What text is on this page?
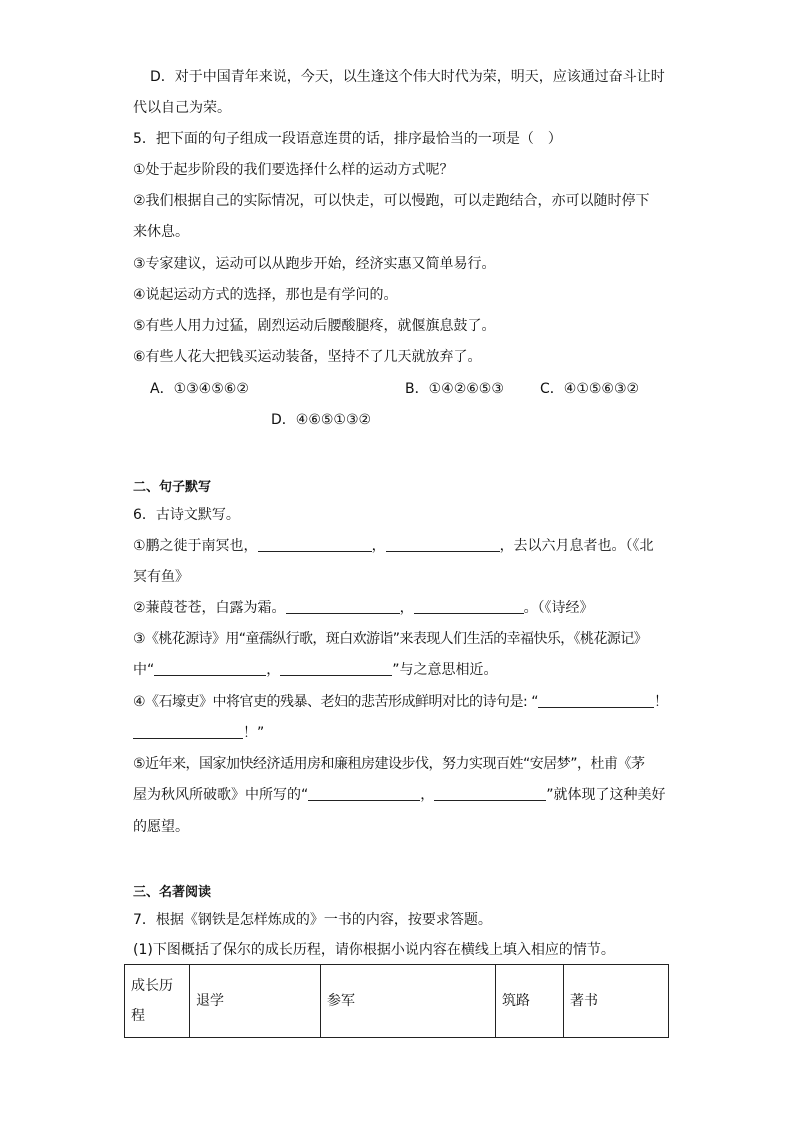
D．对于中国青年来说，今天，以生逢这个伟大时代为荣，明天，应该通过奋斗让时
代以自己为荣。
5．把下面的句子组成一段语意连贯的话，排序最恰当的一项是（　）
①处于起步阶段的我们要选择什么样的运动方式呢？
②我们根据自己的实际情况，可以快走，可以慢跑，可以走跑结合，亦可以随时停下
来休息。
③专家建议，运动可以从跑步开始，经济实惠又简单易行。
④说起运动方式的选择，那也是有学问的。
⑤有些人用力过猛，剧烈运动后腰酸腿疼，就偃旗息鼓了。
⑥有些人花大把钱买运动装备，坚持不了几天就放弃了。
A．①③④⑤⑥②	B．①④②⑥⑤③	C．④①⑤⑥③②
D．④⑥⑤①③②
二、句子默写
6．古诗文默写。
①鹏之徙于南冥也，	，	，去以六月息者也。（《北
冥有鱼》
②蒹葭苍苍，白露为霜。	，	。（《诗经》
③《桃花源诗》用“童孺纵行歌，斑白欢游诣”来表现人们生活的幸福快乐，《桃花源记》
中“	，	”与之意思相近。
④《石壕吏》中将官吏的残暴、老妇的悲苦形成鲜明对比的诗句是: “	！
！”
⑤近年来，国家加快经济适用房和廉租房建设步伐，努力实现百姓“安居梦”，杜甫《茅
屋为秋风所破歌》中所写的“	，	”就体现了这种美好
的愿望。
三、名著阅读
7．根据《钢铁是怎样炼成的》一书的内容，按要求答题。
(1)下图概括了保尔的成长历程，请你根据小说内容在横线上填入相应的情节。
成长历
程
	退学	参军	筑路	著书
